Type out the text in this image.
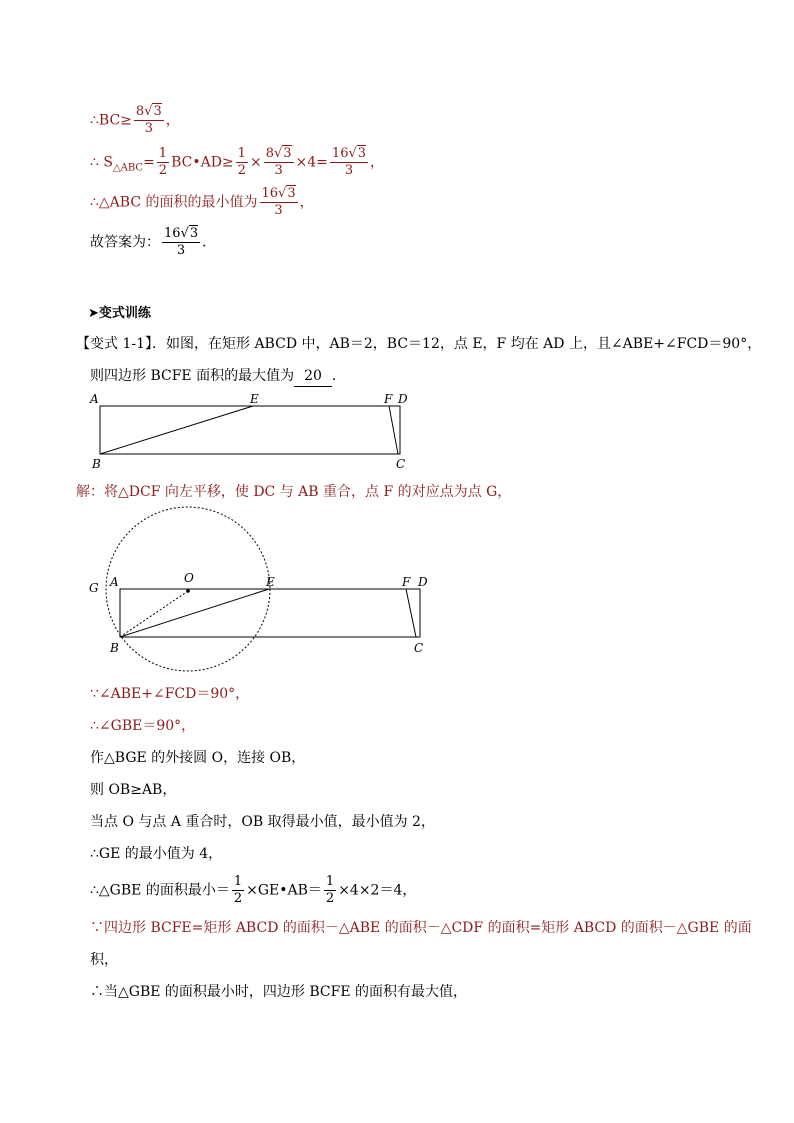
∴BC≥ $\frac{8√3}{3}$ ，
∴ $S_{\triangle ABC}= \frac{1}{2}$ BC•AD≥ $\frac{1}{2} \times \frac{8√3}{3} \times 4= \frac{16√3}{3}$ ，
∴△ABC 的面积的最小值为 $\frac{16√3}{3}$ ，
故答案为： $\frac{16√3}{3}$ ．
➤变式训练
【变式 1-1】．如图，在矩形 ABCD 中，AB＝2，BC＝12，点 E，F 均在 AD 上，且∠ABE+∠FCD＝90°，
则四边形 BCFE 面积的最大值为 20 ．
A	E	F D
B	C
解：将△DCF 向左平移，使 DC 与 AB 重合，点 F 的对应点为点 G，
G A	O	E	F D
B	C
∵∠ABE+∠FCD＝90°，
∴∠GBE＝90°，
作△BGE 的外接圆 O，连接 OB，
则 OB≥AB，
当点 O 与点 A 重合时，OB 取得最小值，最小值为 2，
∴GE 的最小值为 4，
∴△GBE 的面积最小＝ $\frac{1}{2}$ ×GE•AB＝ $\frac{1}{2} \times 4\times 2=4$，
∵四边形 BCFE=矩形 ABCD 的面积－△ABE 的面积－△CDF 的面积=矩形 ABCD 的面积－△GBE 的面
积，
∴当△GBE 的面积最小时，四边形 BCFE 的面积有最大值，
